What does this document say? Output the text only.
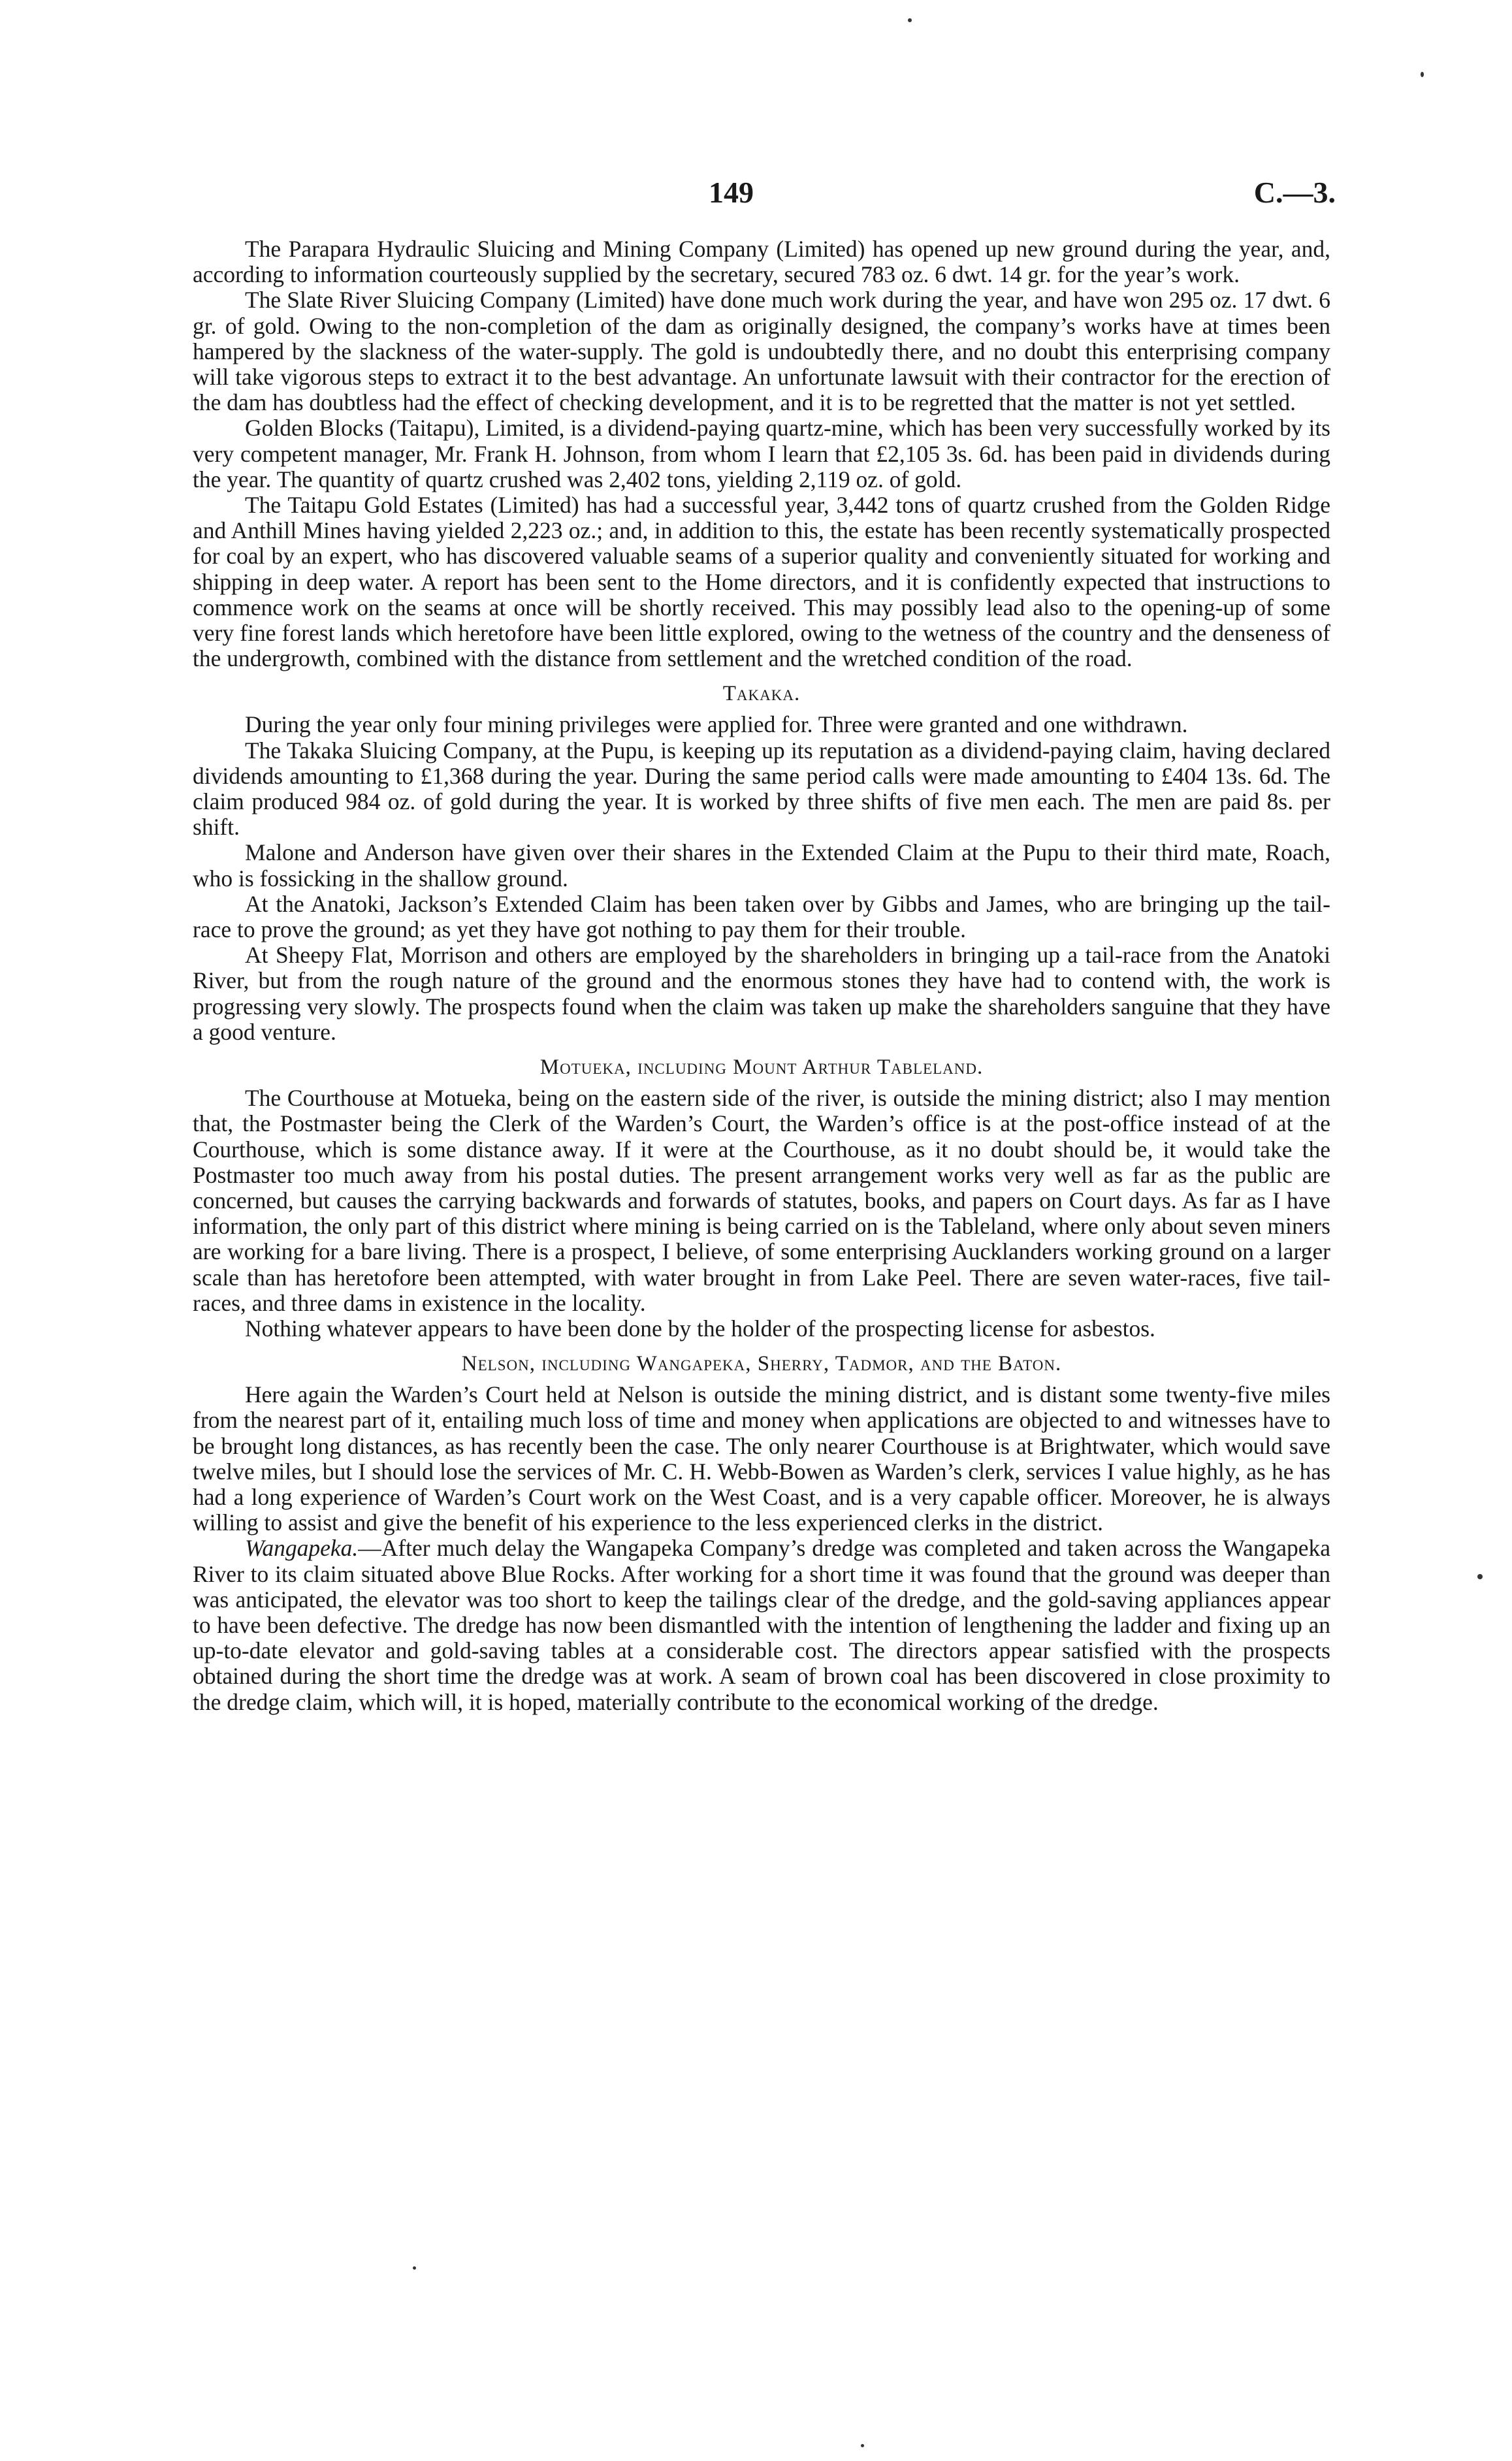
149	C.—3.

The Parapara Hydraulic Sluicing and Mining Company (Limited) has opened up new ground during the year, and, according to information courteously supplied by the secretary, secured 783 oz. 6 dwt. 14 gr. for the year’s work.

The Slate River Sluicing Company (Limited) have done much work during the year, and have won 295 oz. 17 dwt. 6 gr. of gold. Owing to the non-completion of the dam as originally designed, the company’s works have at times been hampered by the slackness of the water-supply. The gold is undoubtedly there, and no doubt this enterprising company will take vigorous steps to extract it to the best advantage. An unfortunate lawsuit with their contractor for the erection of the dam has doubtless had the effect of checking development, and it is to be regretted that the matter is not yet settled.

Golden Blocks (Taitapu), Limited, is a dividend-paying quartz-mine, which has been very successfully worked by its very competent manager, Mr. Frank H. Johnson, from whom I learn that £2,105 3s. 6d. has been paid in dividends during the year. The quantity of quartz crushed was 2,402 tons, yielding 2,119 oz. of gold.

The Taitapu Gold Estates (Limited) has had a successful year, 3,442 tons of quartz crushed from the Golden Ridge and Anthill Mines having yielded 2,223 oz.; and, in addition to this, the estate has been recently systematically prospected for coal by an expert, who has discovered valuable seams of a superior quality and conveniently situated for working and shipping in deep water. A report has been sent to the Home directors, and it is confidently expected that instructions to commence work on the seams at once will be shortly received. This may possibly lead also to the opening-up of some very fine forest lands which heretofore have been little explored, owing to the wetness of the country and the denseness of the undergrowth, combined with the distance from settlement and the wretched condition of the road.

Takaka.

During the year only four mining privileges were applied for. Three were granted and one withdrawn.

The Takaka Sluicing Company, at the Pupu, is keeping up its reputation as a dividend-paying claim, having declared dividends amounting to £1,368 during the year. During the same period calls were made amounting to £404 13s. 6d. The claim produced 984 oz. of gold during the year. It is worked by three shifts of five men each. The men are paid 8s. per shift.

Malone and Anderson have given over their shares in the Extended Claim at the Pupu to their third mate, Roach, who is fossicking in the shallow ground.

At the Anatoki, Jackson’s Extended Claim has been taken over by Gibbs and James, who are bringing up the tail-race to prove the ground; as yet they have got nothing to pay them for their trouble.

At Sheepy Flat, Morrison and others are employed by the shareholders in bringing up a tail-race from the Anatoki River, but from the rough nature of the ground and the enormous stones they have had to contend with, the work is progressing very slowly. The prospects found when the claim was taken up make the shareholders sanguine that they have a good venture.

Motueka, including Mount Arthur Tableland.

The Courthouse at Motueka, being on the eastern side of the river, is outside the mining district; also I may mention that, the Postmaster being the Clerk of the Warden’s Court, the Warden’s office is at the post-office instead of at the Courthouse, which is some distance away. If it were at the Courthouse, as it no doubt should be, it would take the Postmaster too much away from his postal duties. The present arrangement works very well as far as the public are concerned, but causes the carrying backwards and forwards of statutes, books, and papers on Court days. As far as I have information, the only part of this district where mining is being carried on is the Tableland, where only about seven miners are working for a bare living. There is a prospect, I believe, of some enterprising Aucklanders working ground on a larger scale than has heretofore been attempted, with water brought in from Lake Peel. There are seven water-races, five tail-races, and three dams in existence in the locality.

Nothing whatever appears to have been done by the holder of the prospecting license for asbestos.

Nelson, including Wangapeka, Sherry, Tadmor, and the Baton.

Here again the Warden’s Court held at Nelson is outside the mining district, and is distant some twenty-five miles from the nearest part of it, entailing much loss of time and money when applications are objected to and witnesses have to be brought long distances, as has recently been the case. The only nearer Courthouse is at Brightwater, which would save twelve miles, but I should lose the services of Mr. C. H. Webb-Bowen as Warden’s clerk, services I value highly, as he has had a long experience of Warden’s Court work on the West Coast, and is a very capable officer. Moreover, he is always willing to assist and give the benefit of his experience to the less experienced clerks in the district.

Wangapeka.—After much delay the Wangapeka Company’s dredge was completed and taken across the Wangapeka River to its claim situated above Blue Rocks. After working for a short time it was found that the ground was deeper than was anticipated, the elevator was too short to keep the tailings clear of the dredge, and the gold-saving appliances appear to have been defective. The dredge has now been dismantled with the intention of lengthening the ladder and fixing up an up-to-date elevator and gold-saving tables at a considerable cost. The directors appear satisfied with the prospects obtained during the short time the dredge was at work. A seam of brown coal has been discovered in close proximity to the dredge claim, which will, it is hoped, materially contribute to the economical working of the dredge.
